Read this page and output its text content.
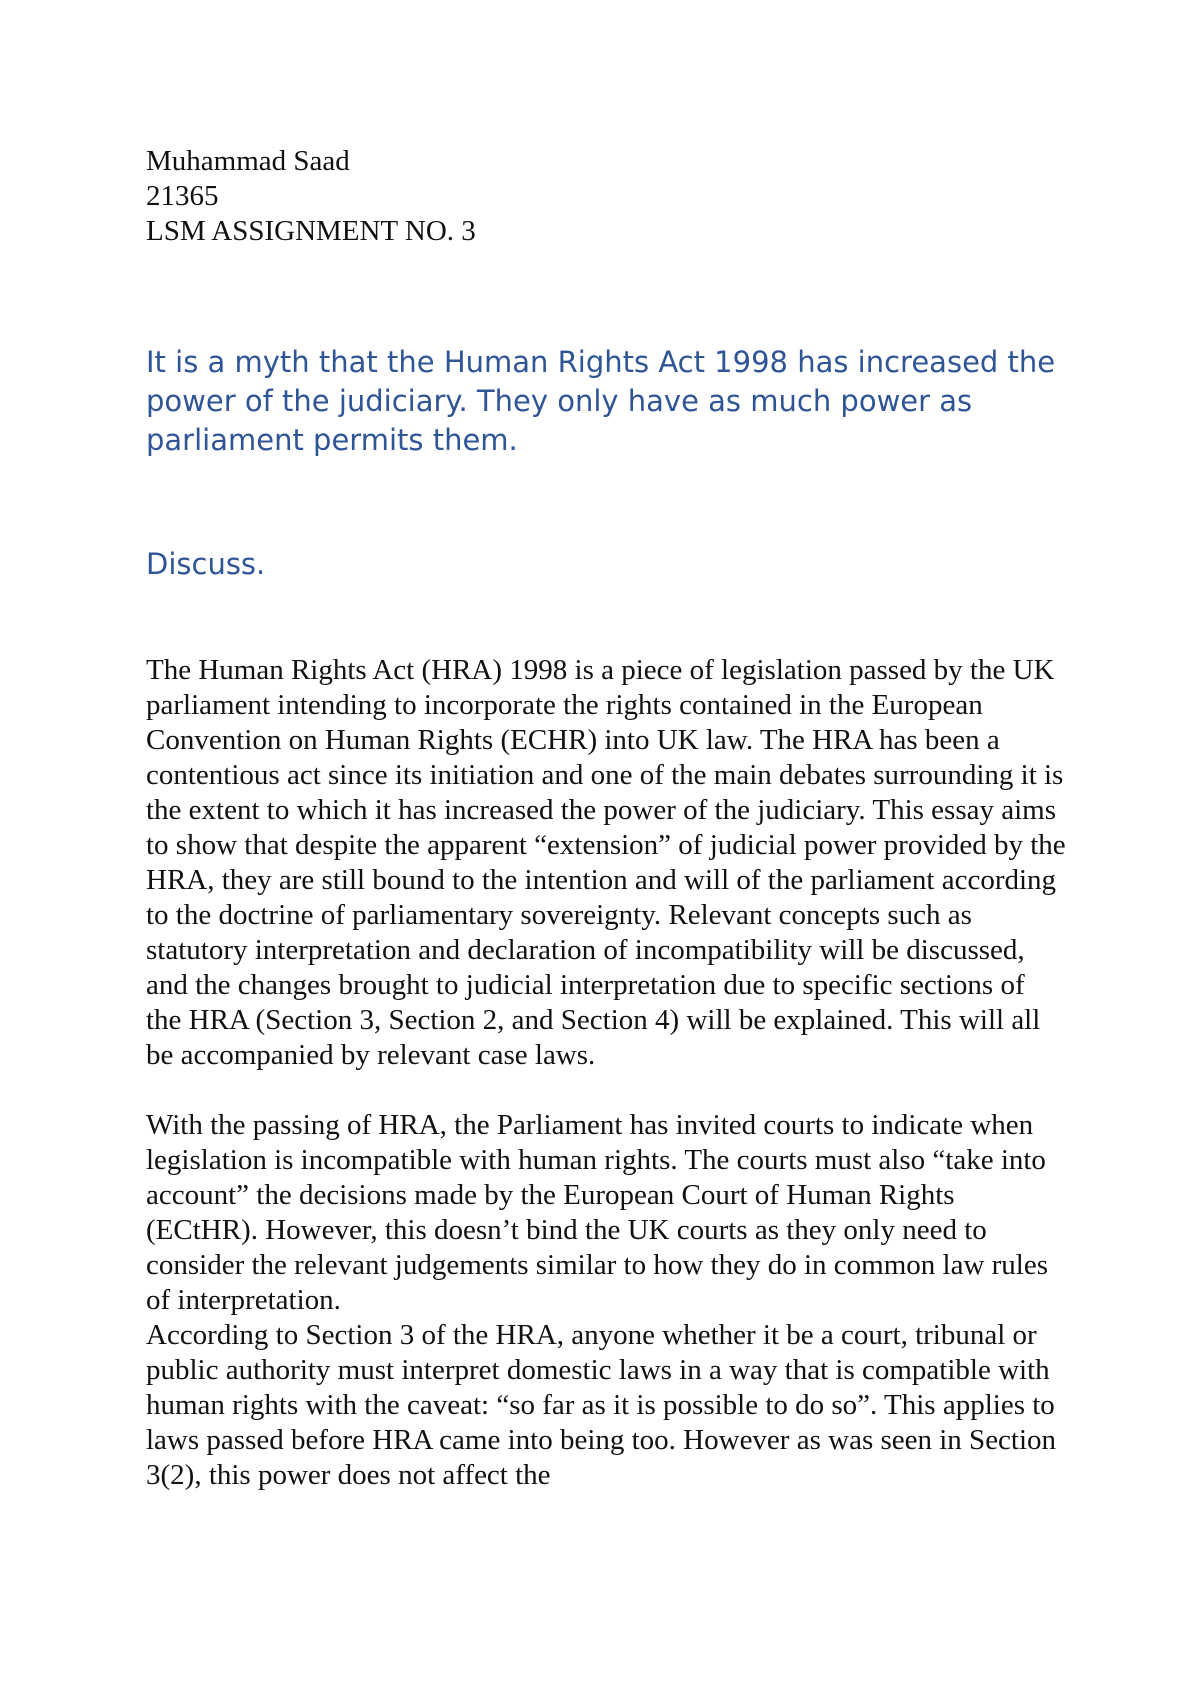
Muhammad Saad
21365
LSM ASSIGNMENT NO. 3
It is a myth that the Human Rights Act 1998 has increased the power of the judiciary. They only have as much power as parliament permits them.
Discuss.

The Human Rights Act (HRA) 1998 is a piece of legislation passed by the UK parliament intending to incorporate the rights contained in the European Convention on Human Rights (ECHR) into UK law. The HRA has been a contentious act since its initiation and one of the main debates surrounding it is the extent to which it has increased the power of the judiciary. This essay aims to show that despite the apparent “extension” of judicial power provided by the HRA, they are still bound to the intention and will of the parliament according to the doctrine of parliamentary sovereignty. Relevant concepts such as statutory interpretation and declaration of incompatibility will be discussed, and the changes brought to judicial interpretation due to specific sections of the HRA (Section 3, Section 2, and Section 4) will be explained. This will all be accompanied by relevant case laws.

With the passing of HRA, the Parliament has invited courts to indicate when legislation is incompatible with human rights. The courts must also “take into account” the decisions made by the European Court of Human Rights (ECtHR). However, this doesn’t bind the UK courts as they only need to consider the relevant judgements similar to how they do in common law rules of interpretation.

According to Section 3 of the HRA, anyone whether it be a court, tribunal or public authority must interpret domestic laws in a way that is compatible with human rights with the caveat: “so far as it is possible to do so”. This applies to laws passed before HRA came into being too. However as was seen in Section 3(2), this power does not affect the
